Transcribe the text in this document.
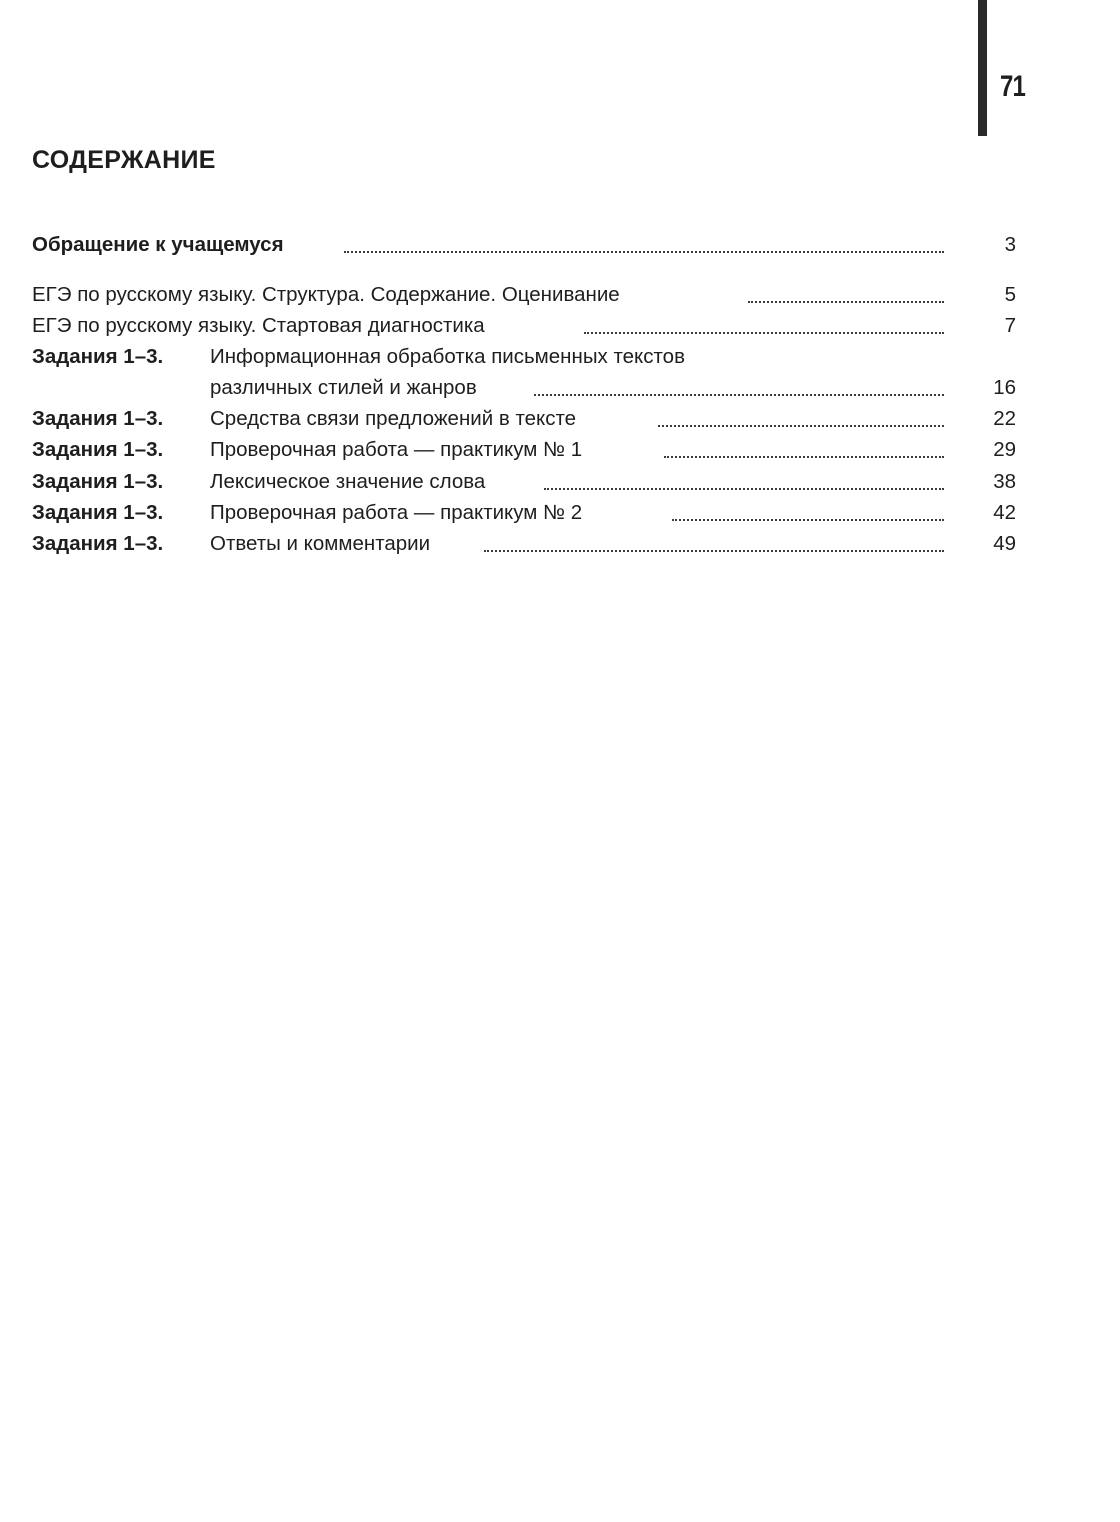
71
СОДЕРЖАНИЕ
Обращение к учащемуся	3
ЕГЭ по русскому языку. Структура. Содержание. Оценивание	5
ЕГЭ по русскому языку. Стартовая диагностика	7
Задания 1–3. Информационная обработка письменных текстов
различных стилей и жанров	16
Задания 1–3. Средства связи предложений в тексте	22
Задания 1–3. Проверочная работа — практикум № 1	29
Задания 1–3. Лексическое значение слова	38
Задания 1–3. Проверочная работа — практикум № 2	42
Задания 1–3. Ответы и комментарии	49
